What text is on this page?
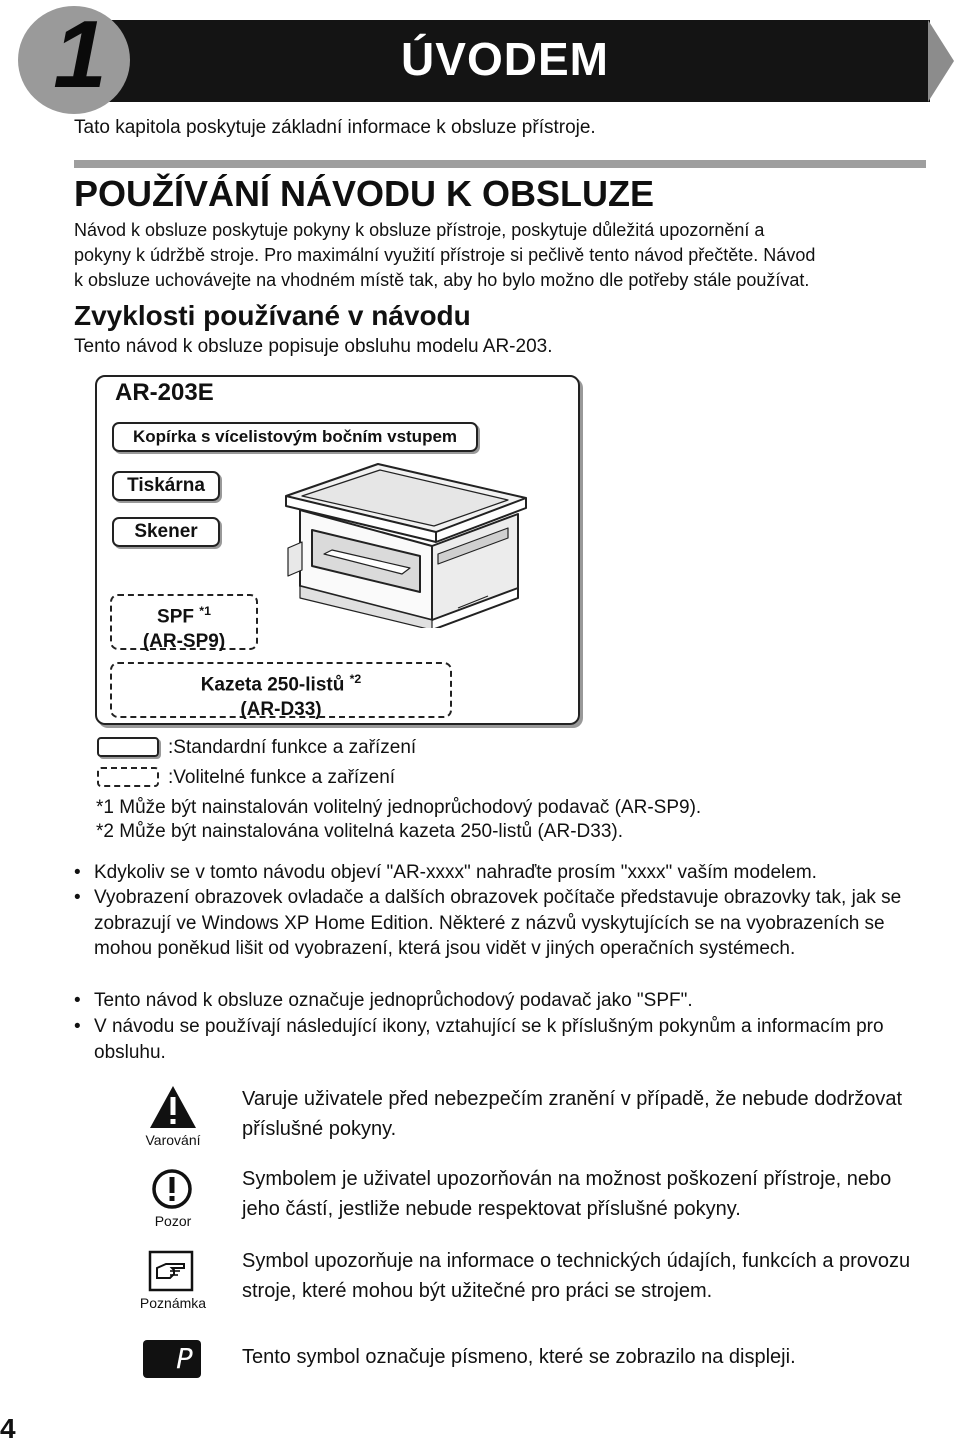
1	ÚVODEM
Tato kapitola poskytuje základní informace k obsluze přístroje.
POUŽÍVÁNÍ NÁVODU K OBSLUZE
Návod k obsluze poskytuje pokyny k obsluze přístroje, poskytuje důležitá upozornění a
pokyny k údržbě stroje. Pro maximální využití přístroje si pečlivě tento návod přečtěte. Návod
k obsluze uchovávejte na vhodném místě tak, aby ho bylo možno dle potřeby stále používat.
Zvyklosti používané v návodu
Tento návod k obsluze popisuje obsluhu modelu AR-203.
AR-203E
Kopírka s vícelistovým bočním vstupem
Tiskárna
Skener
SPF $^{*1}$
(AR-SP9)
Kazeta 250-listů $^{*2}$
(AR-D33)
:Standardní funkce a zařízení
:Volitelné funkce a zařízení
*1 Může být nainstalován volitelný jednoprůchodový podavač (AR-SP9).
*2 Může být nainstalována volitelná kazeta 250-listů (AR-D33).
• Kdykoliv se v tomto návodu objeví "AR-xxxx" nahraďte prosím "xxxx" vaším modelem.
• Vyobrazení obrazovek ovladače a dalších obrazovek počítače představuje obrazovky tak, jak se zobrazují ve Windows XP Home Edition. Některé z názvů vyskytujících se na vyobrazeních se mohou poněkud lišit od vyobrazení, která jsou vidět v jiných operačních systémech.
• Tento návod k obsluze označuje jednoprůchodový podavač jako "SPF".
• V návodu se používají následující ikony, vztahující se k příslušným pokynům a informacím pro obsluhu.
Varování
Varuje uživatele před nebezpečím zranění v případě, že nebude dodržovat příslušné pokyny.
Pozor
Symbolem je uživatel upozorňován na možnost poškození přístroje, nebo jeho částí, jestliže nebude respektovat příslušné pokyny.
Poznámka
Symbol upozorňuje na informace o technických údajích, funkcích a provozu stroje, které mohou být užitečné pro práci se strojem.
P	Tento symbol označuje písmeno, které se zobrazilo na displeji.
4
